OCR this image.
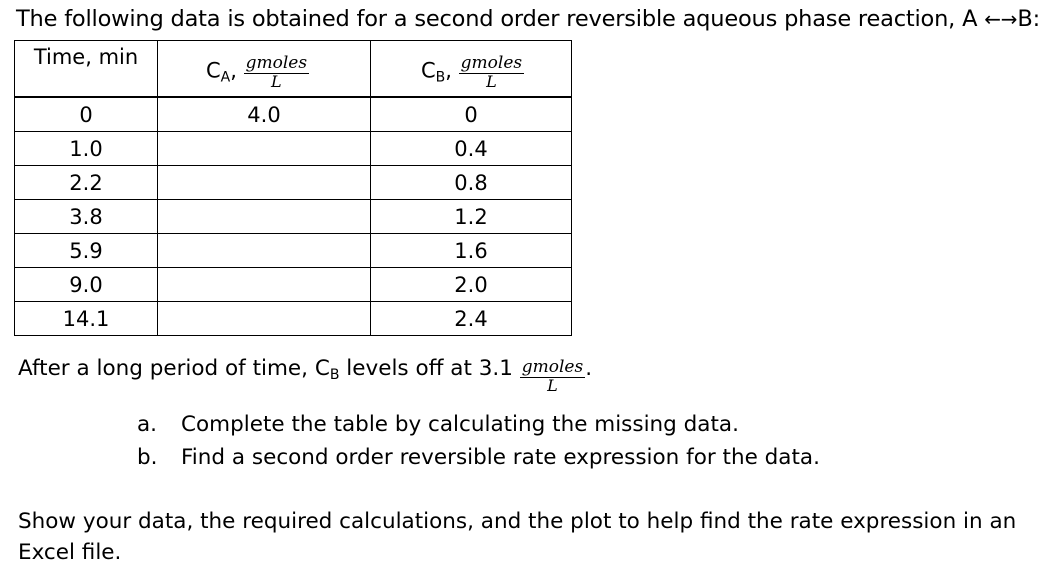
The following data is obtained for a second order reversible aqueous phase reaction, A ←→B:
Time, min	$C_A$, $\frac{\text{gmoles}}{L}$	$C_B$, $\frac{\text{gmoles}}{L}$

0	4.0	0
1.0		0.4
2.2		0.8
3.8		1.2
5.9		1.6
9.0		2.0
14.1		2.4
After a long period of time, $C_B$ levels off at $3.1 \frac{\text{gmoles}}{L}$ .
a. Complete the table by calculating the missing data.
b. Find a second order reversible rate expression for the data.
Show your data, the required calculations, and the plot to help find the rate expression in an Excel file.
